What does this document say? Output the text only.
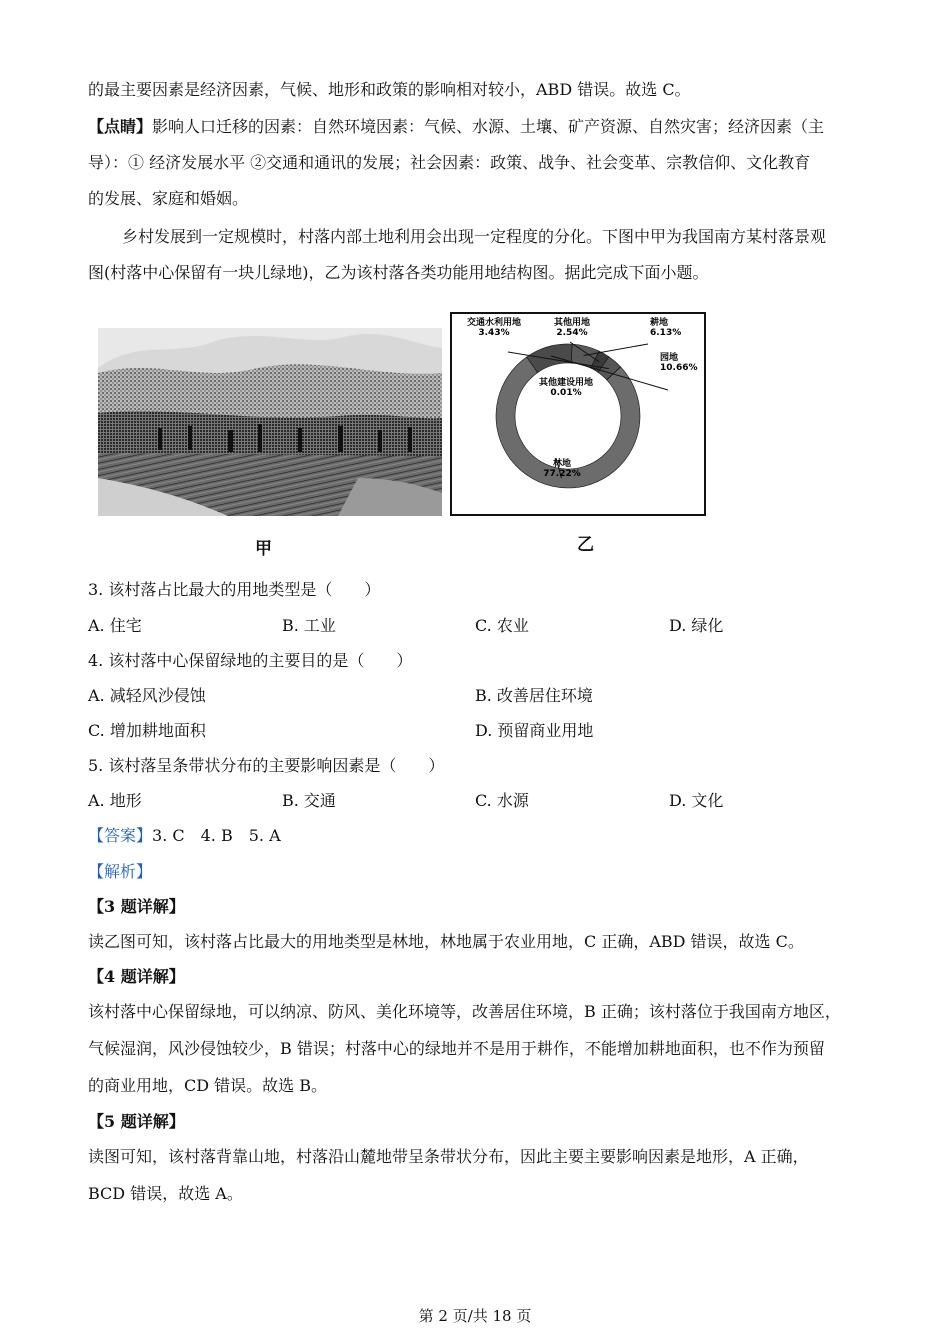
的最主要因素是经济因素，气候、地形和政策的影响相对较小，ABD 错误。故选 C。
【点睛】影响人口迁移的因素：自然环境因素：气候、水源、土壤、矿产资源、自然灾害；经济因素（主
导）：① 经济发展水平 ②交通和通讯的发展；社会因素：政策、战争、社会变革、宗教信仰、文化教育
的发展、家庭和婚姻。
乡村发展到一定规模时，村落内部土地利用会出现一定程度的分化。下图中甲为我国南方某村落景观
图(村落中心保留有一块儿绿地)，乙为该村落各类功能用地结构图。据此完成下面小题。
林地
77.22%
园地
10.66%
耕地
6.13%
其他用地
2.54%
交通水利用地
3.43%
其他建设用地
0.01%
甲	乙
3. 该村落占比最大的用地类型是（　　）
A. 住宅	B. 工业	C. 农业	D. 绿化
4. 该村落中心保留绿地的主要目的是（　　）
A. 减轻风沙侵蚀	B. 改善居住环境
C. 增加耕地面积	D. 预留商业用地
5. 该村落呈条带状分布的主要影响因素是（　　）
A. 地形	B. 交通	C. 水源	D. 文化
【答案】3. C　4. B　5. A
【解析】
【3 题详解】
读乙图可知，该村落占比最大的用地类型是林地，林地属于农业用地，C 正确，ABD 错误，故选 C。
【4 题详解】
该村落中心保留绿地，可以纳凉、防风、美化环境等，改善居住环境，B 正确；该村落位于我国南方地区，
气候湿润，风沙侵蚀较少，B 错误；村落中心的绿地并不是用于耕作，不能增加耕地面积，也不作为预留
的商业用地，CD 错误。故选 B。
【5 题详解】
读图可知，该村落背靠山地，村落沿山麓地带呈条带状分布，因此主要主要影响因素是地形，A 正确，
BCD 错误，故选 A。
第 2 页/共 18 页
